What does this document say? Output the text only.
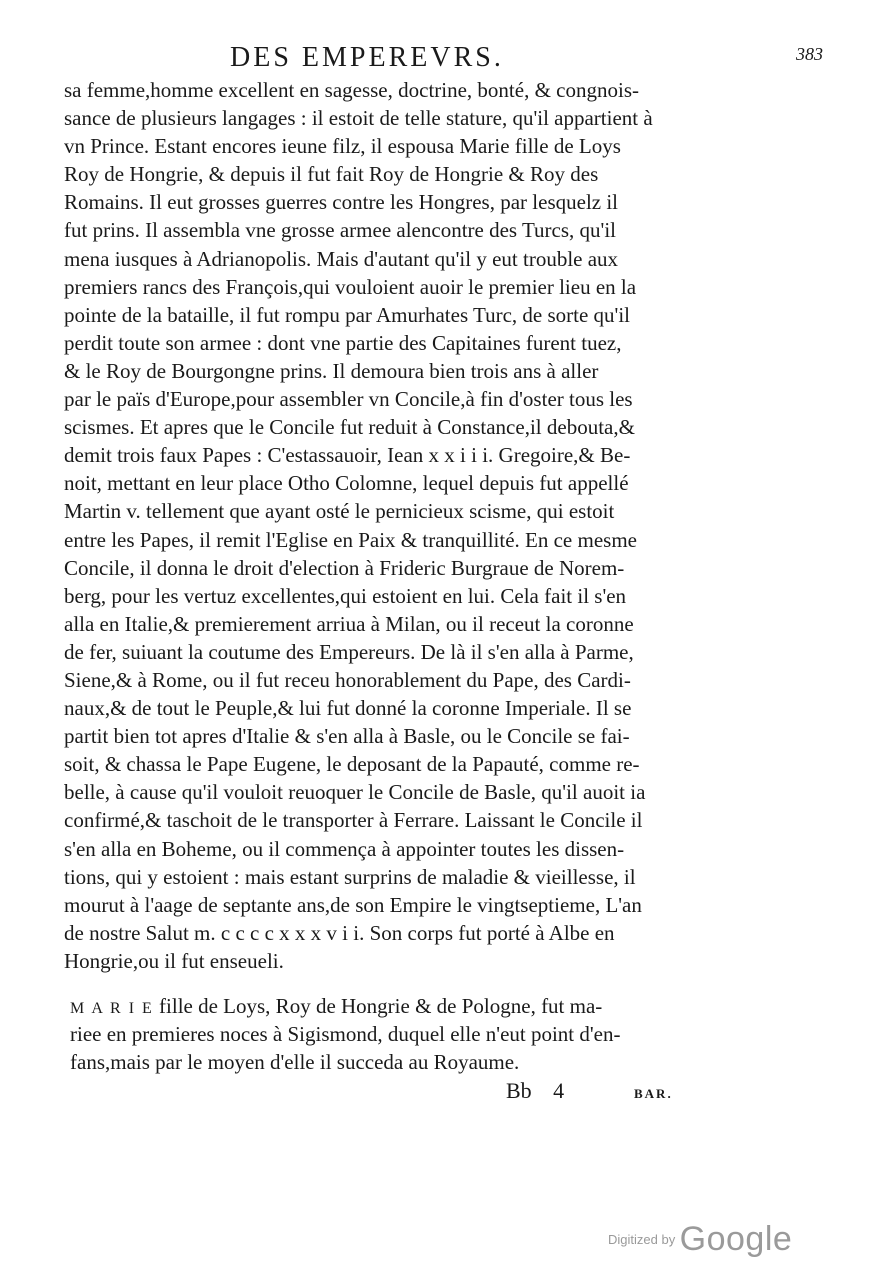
DES EMPEREVRS.	383
sa femme,homme excellent en sagesse, doctrine, bonté, & congnois-
sance de plusieurs langages : il estoit de telle stature, qu'il appartient à
vn Prince. Estant encores ieune filz, il espousa Marie fille de Loys
Roy de Hongrie, & depuis il fut fait Roy de Hongrie & Roy des
Romains. Il eut grosses guerres contre les Hongres, par lesquelz il
fut prins. Il assembla vne grosse armee alencontre des Turcs, qu'il
mena iusques à Adrianopolis. Mais d'autant qu'il y eut trouble aux
premiers rancs des François,qui vouloient auoir le premier lieu en la
pointe de la bataille, il fut rompu par Amurhates Turc, de sorte qu'il
perdit toute son armee : dont vne partie des Capitaines furent tuez,
& le Roy de Bourgongne prins. Il demoura bien trois ans à aller
par le païs d'Europe,pour assembler vn Concile,à fin d'oster tous les
scismes. Et apres que le Concile fut reduit à Constance,il debouta,&
demit trois faux Papes : C'estassauoir, Iean x x i i i. Gregoire,& Be-
noit, mettant en leur place Otho Colomne, lequel depuis fut appellé
Martin v. tellement que ayant osté le pernicieux scisme, qui estoit
entre les Papes, il remit l'Eglise en Paix & tranquillité. En ce mesme
Concile, il donna le droit d'election à Frideric Burgraue de Norem-
berg, pour les vertuz excellentes,qui estoient en lui. Cela fait il s'en
alla en Italie,& premierement arriua à Milan, ou il receut la coronne
de fer, suiuant la coutume des Empereurs. De là il s'en alla à Parme,
Siene,& à Rome, ou il fut receu honorablement du Pape, des Cardi-
naux,& de tout le Peuple,& lui fut donné la coronne Imperiale. Il se
partit bien tot apres d'Italie & s'en alla à Basle, ou le Concile se fai-
soit, & chassa le Pape Eugene, le deposant de la Papauté, comme re-
belle, à cause qu'il vouloit reuoquer le Concile de Basle, qu'il auoit ia
confirmé,& taschoit de le transporter à Ferrare. Laissant le Concile il
s'en alla en Boheme, ou il commença à appointer toutes les dissen-
tions, qui y estoient : mais estant surprins de maladie & vieillesse, il
mourut à l'aage de septante ans,de son Empire le vingtseptieme, L'an
de nostre Salut m. c c c c x x x v i i. Son corps fut porté à Albe en
Hongrie,ou il fut enseueli.
M A R I E fille de Loys, Roy de Hongrie & de Pologne, fut ma-
riee en premieres noces à Sigismond, duquel elle n'eut point d'en-
fans,mais par le moyen d'elle il succeda au Royaume.
Bb 4	BAR.
Digitized by Google
